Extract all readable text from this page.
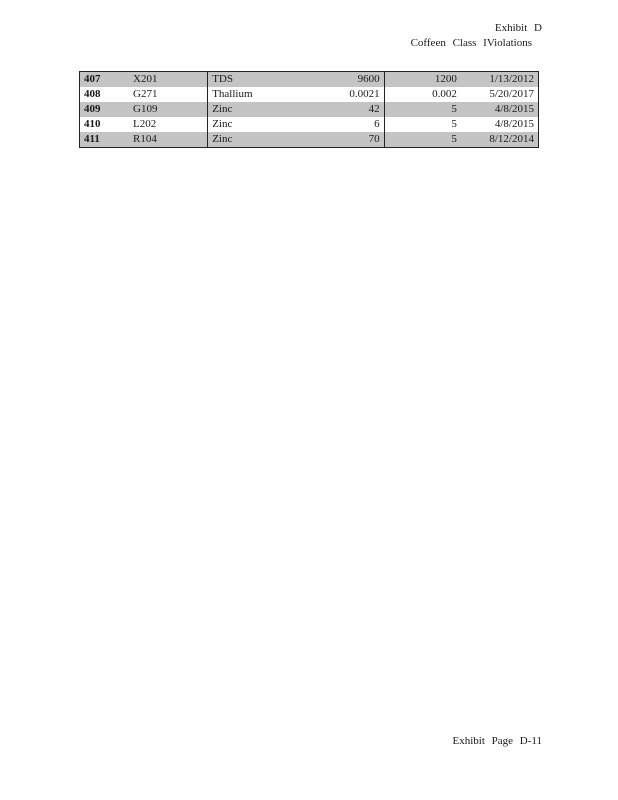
Exhibit D
Coffeen Class IViolations
407	X201	TDS	9600	1200	1/13/2012
408	G271	Thallium	0.0021	0.002	5/20/2017
409	G109	Zinc	42	5	4/8/2015
410	L202	Zinc	6	5	4/8/2015
411	R104	Zinc	70	5	8/12/2014
Exhibit Page D-11
